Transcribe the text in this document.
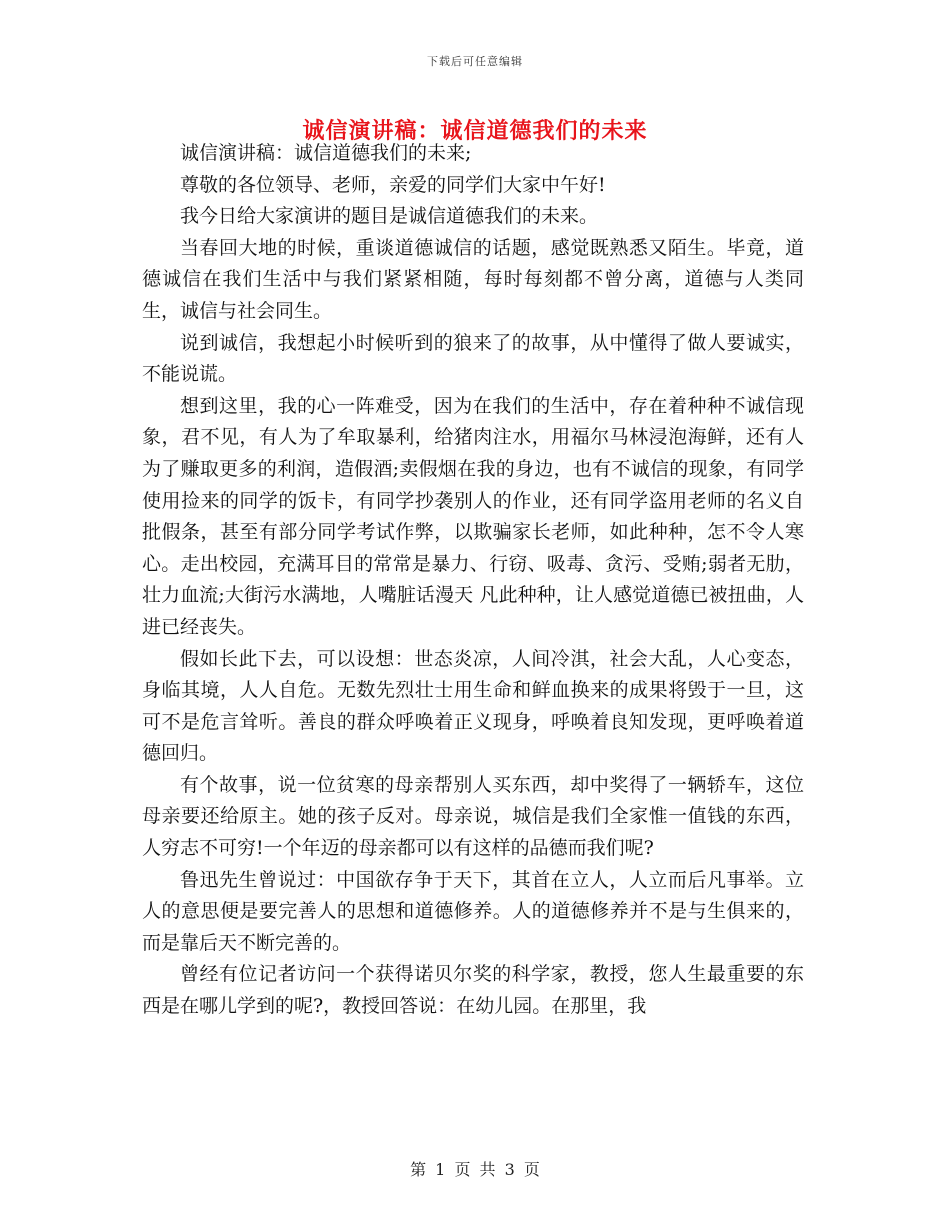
下载后可任意编辑
诚信演讲稿：诚信道德我们的未来

诚信演讲稿：诚信道德我们的未来;

尊敬的各位领导、老师，亲爱的同学们大家中午好!

我今日给大家演讲的题目是诚信道德我们的未来。

当春回大地的时候，重谈道德诚信的话题，感觉既熟悉又陌生。毕竟，道德诚信在我们生活中与我们紧紧相随，每时每刻都不曾分离，道德与人类同生，诚信与社会同生。

说到诚信，我想起小时候听到的狼来了的故事，从中懂得了做人要诚实，不能说谎。

想到这里，我的心一阵难受，因为在我们的生活中，存在着种种不诚信现象，君不见，有人为了牟取暴利，给猪肉注水，用福尔马林浸泡海鲜，还有人为了赚取更多的利润，造假酒;卖假烟在我的身边，也有不诚信的现象，有同学使用捡来的同学的饭卡，有同学抄袭别人的作业，还有同学盗用老师的名义自批假条，甚至有部分同学考试作弊，以欺骗家长老师，如此种种，怎不令人寒心。走出校园，充满耳目的常常是暴力、行窃、吸毒、贪污、受贿;弱者无肋，壮力血流;大街污水满地，人嘴脏话漫天 凡此种种，让人感觉道德已被扭曲，人进已经丧失。

假如长此下去，可以设想：世态炎凉，人间冷淇，社会大乱，人心变态，身临其境，人人自危。无数先烈壮士用生命和鲜血换来的成果将毁于一旦，这可不是危言耸听。善良的群众呼唤着正义现身，呼唤着良知发现，更呼唤着道德回归。

有个故事，说一位贫寒的母亲帮别人买东西，却中奖得了一辆轿车，这位母亲要还给原主。她的孩子反对。母亲说，城信是我们全家惟一值钱的东西，人穷志不可穷!一个年迈的母亲都可以有这样的品德而我们呢?

鲁迅先生曾说过：中国欲存争于天下，其首在立人，人立而后凡事举。立人的意思便是要完善人的思想和道德修养。人的道德修养并不是与生俱来的，而是靠后天不断完善的。

曾经有位记者访问一个获得诺贝尔奖的科学家，教授，您人生最重要的东西是在哪儿学到的呢?，教授回答说：在幼儿园。在那里，我

第 1 页 共 3 页
